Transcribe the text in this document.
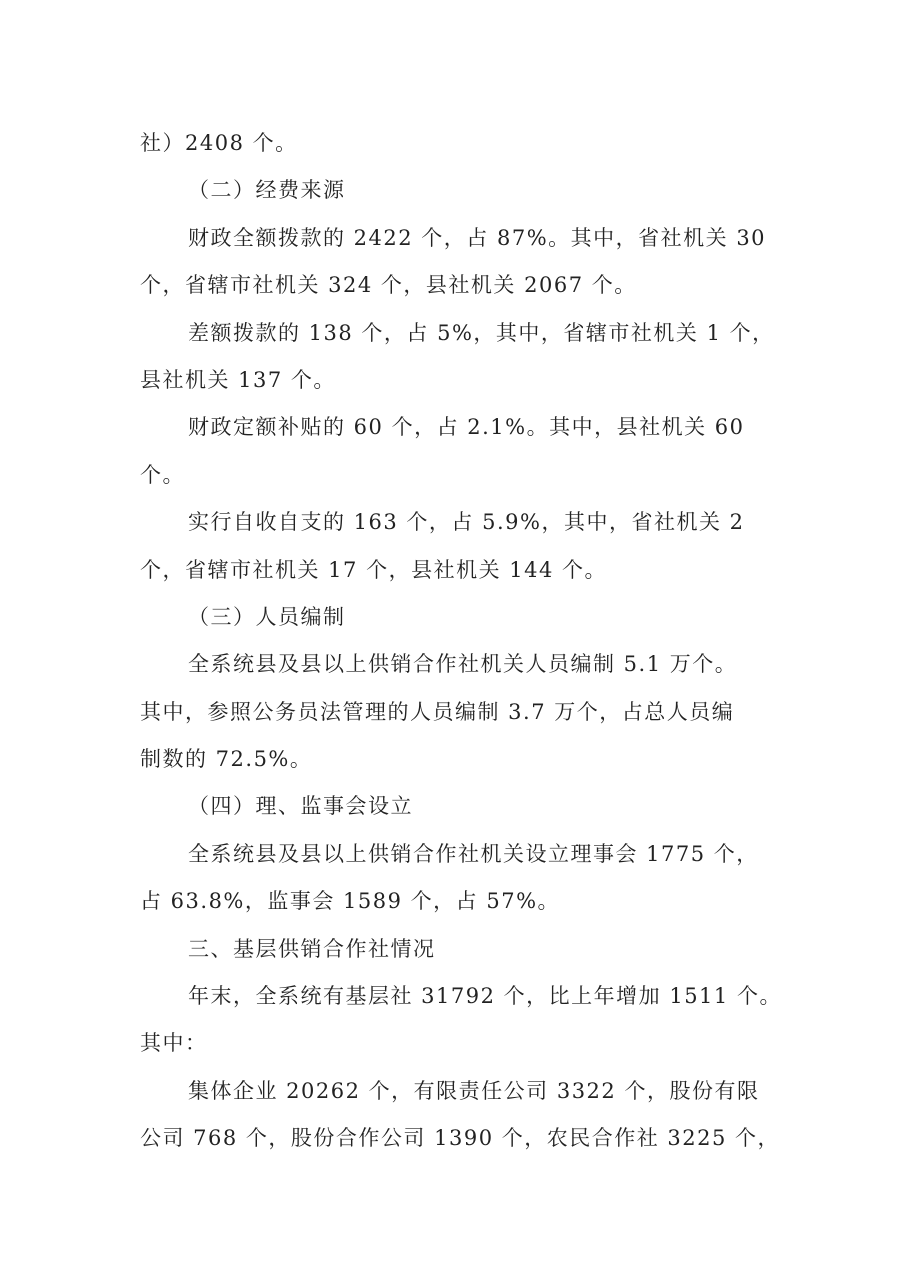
社）2408 个。
（二）经费来源
财政全额拨款的 2422 个，占 87%。其中，省社机关 30
个，省辖市社机关 324 个，县社机关 2067 个。
差额拨款的 138 个，占 5%，其中，省辖市社机关 1 个，
县社机关 137 个。
财政定额补贴的 60 个，占 2.1%。其中，县社机关 60
个。
实行自收自支的 163 个，占 5.9%，其中，省社机关 2
个，省辖市社机关 17 个，县社机关 144 个。
（三）人员编制
全系统县及县以上供销合作社机关人员编制 5.1 万个。
其中，参照公务员法管理的人员编制 3.7 万个，占总人员编
制数的 72.5%。
（四）理、监事会设立
全系统县及县以上供销合作社机关设立理事会 1775 个，
占 63.8%，监事会 1589 个，占 57%。
三、基层供销合作社情况
年末，全系统有基层社 31792 个，比上年增加 1511 个。
其中：
集体企业 20262 个，有限责任公司 3322 个，股份有限
公司 768 个，股份合作公司 1390 个，农民合作社 3225 个，
